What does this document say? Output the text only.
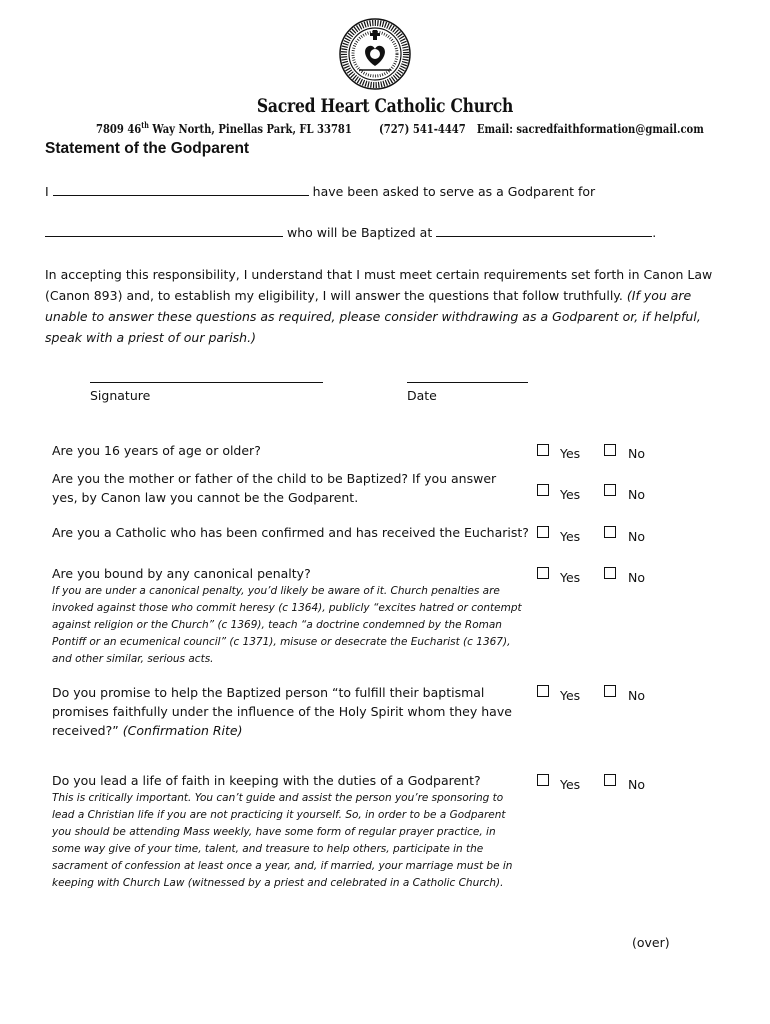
Sacred Heart Catholic Church
7809 46th Way North, Pinellas Park, FL 33781 (727) 541-4447 Email: sacredfaithformation@gmail.com
Statement of the Godparent
I	have been asked to serve as a Godparent for
who will be Baptized at	.
In accepting this responsibility, I understand that I must meet certain requirements set forth in Canon Law (Canon 893) and, to establish my eligibility, I will answer the questions that follow truthfully. (If you are unable to answer these questions as required, please consider withdrawing as a Godparent or, if helpful, speak with a priest of our parish.)
Signature	Date
Are you 16 years of age or older?	Yes	No
Are you the mother or father of the child to be Baptized? If you answer yes, by Canon law you cannot be the Godparent.	Yes	No
Are you a Catholic who has been confirmed and has received the Eucharist? Yes	No
Are you bound by any canonical penalty?
If you are under a canonical penalty, you’d likely be aware of it. Church penalties are invoked against those who commit heresy (c 1364), publicly “excites hatred or contempt against religion or the Church” (c 1369), teach “a doctrine condemned by the Roman Pontiff or an ecumenical council” (c 1371), misuse or desecrate the Eucharist (c 1367), and other similar, serious acts.
Yes	No
Do you promise to help the Baptized person “to fulfill their baptismal promises faithfully under the influence of the Holy Spirit whom they have received?” (Confirmation Rite)
Yes	No
Do you lead a life of faith in keeping with the duties of a Godparent?
This is critically important. You can’t guide and assist the person you’re sponsoring to lead a Christian life if you are not practicing it yourself. So, in order to be a Godparent you should be attending Mass weekly, have some form of regular prayer practice, in some way give of your time, talent, and treasure to help others, participate in the sacrament of confession at least once a year, and, if married, your marriage must be in keeping with Church Law (witnessed by a priest and celebrated in a Catholic Church).
Yes	No
(over)
